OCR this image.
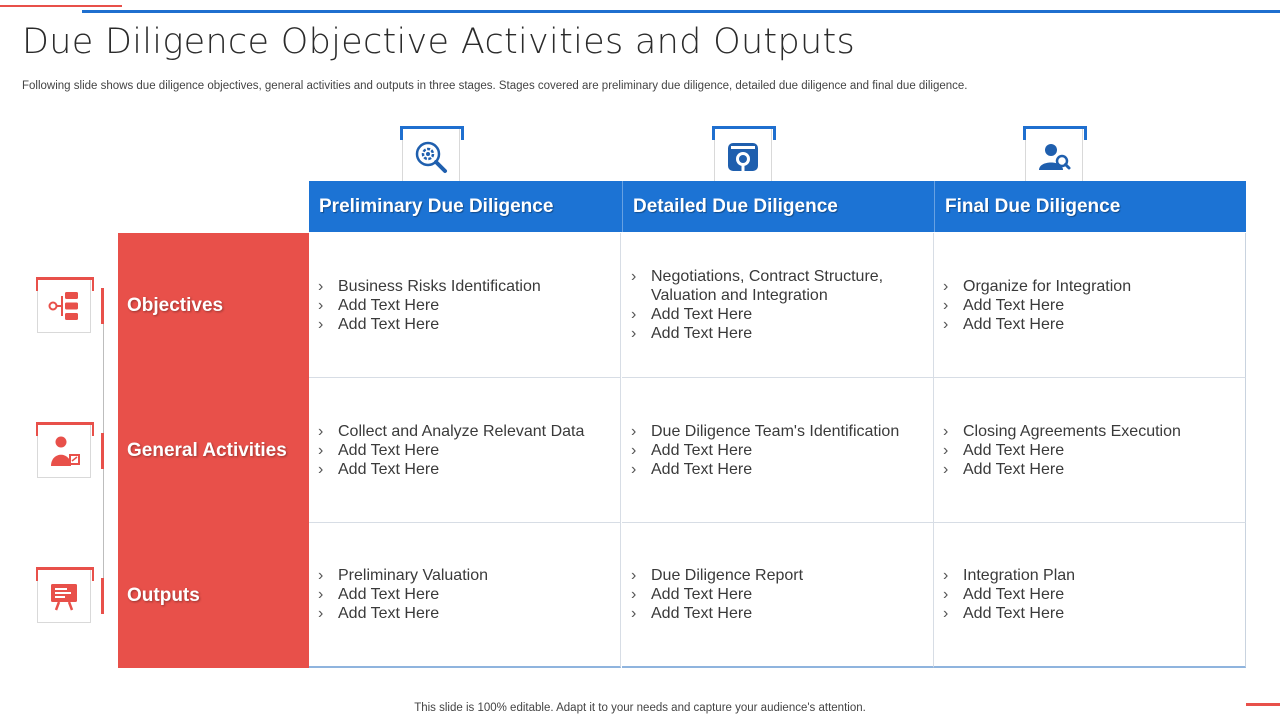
Due Diligence Objective Activities and Outputs

Following slide shows due diligence objectives, general activities and outputs in three stages. Stages covered are preliminary due diligence, detailed due diligence and final due diligence.

Preliminary Due Diligence	Detailed Due Diligence	Final Due Diligence
Objectives
General Activities
Outputs
› Business Risks Identification
› Add Text Here
› Add Text Here
› Negotiations, Contract Structure, Valuation and Integration
› Add Text Here
› Add Text Here
› Organize for Integration
› Add Text Here
› Add Text Here
› Collect and Analyze Relevant Data
› Add Text Here
› Add Text Here
› Due Diligence Team's Identification
› Add Text Here
› Add Text Here
› Closing Agreements Execution
› Add Text Here
› Add Text Here
› Preliminary Valuation
› Add Text Here
› Add Text Here
› Due Diligence Report
› Add Text Here
› Add Text Here
› Integration Plan
› Add Text Here
› Add Text Here

This slide is 100% editable. Adapt it to your needs and capture your audience's attention.
